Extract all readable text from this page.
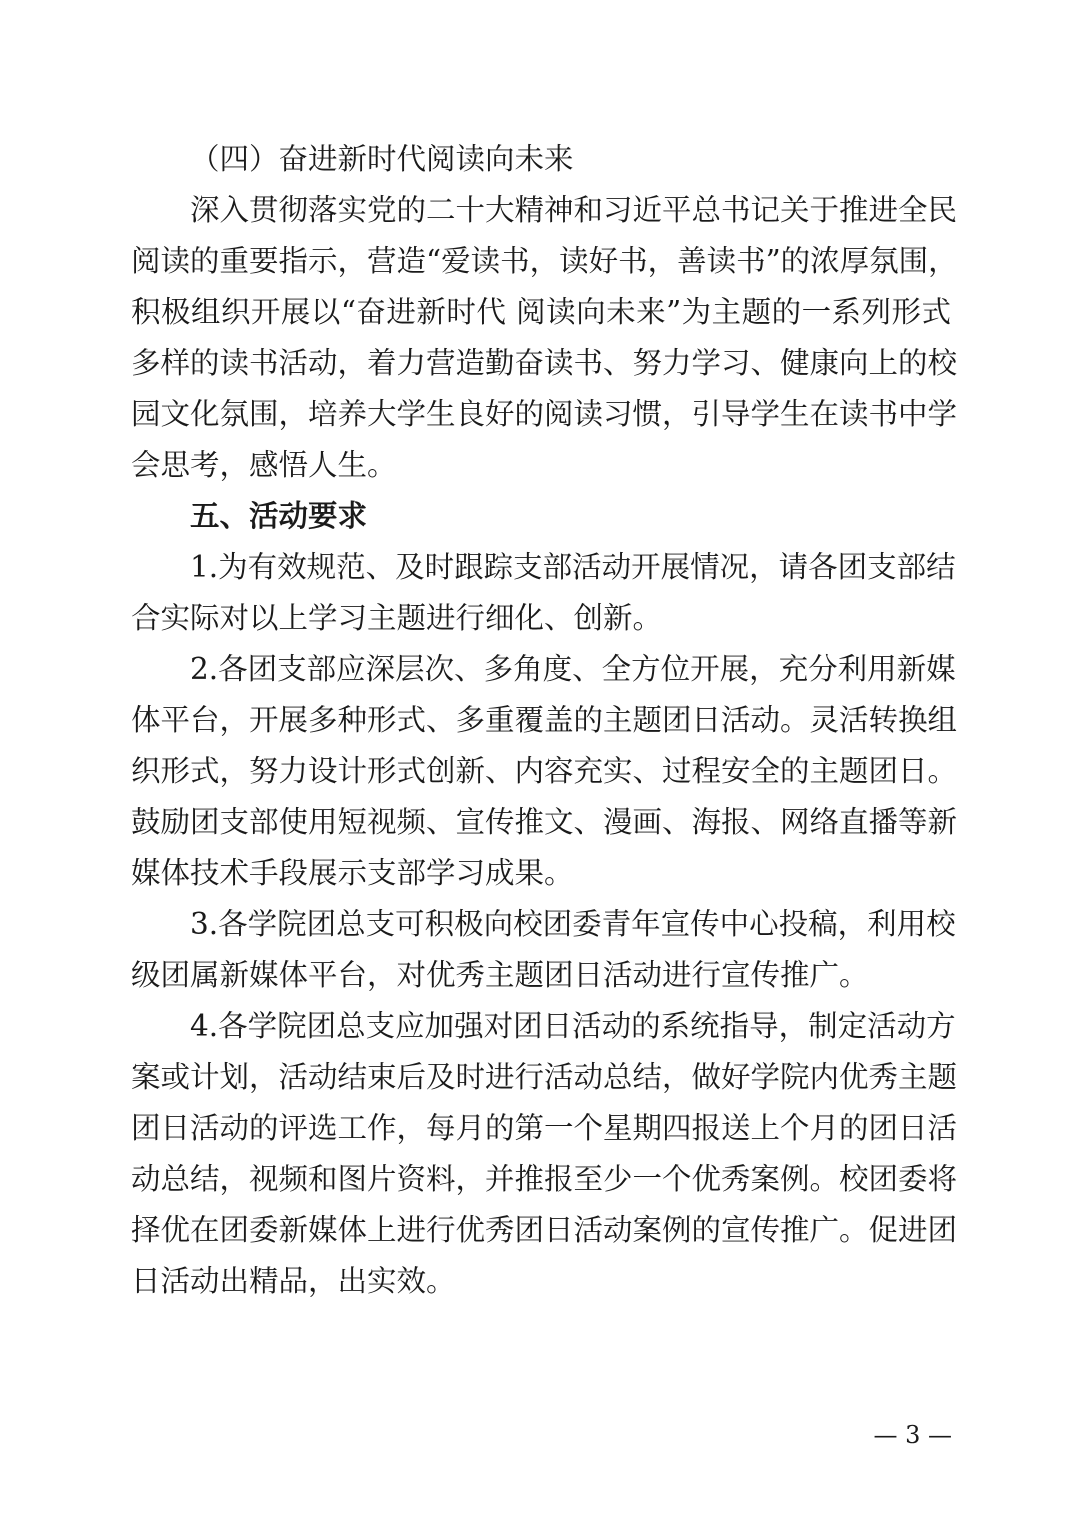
（四）奋进新时代阅读向未来
深入贯彻落实党的二十大精神和习近平总书记关于推进全民
阅读的重要指示，营造“爱读书，读好书，善读书”的浓厚氛围，
积极组织开展以“奋进新时代 阅读向未来”为主题的一系列形式
多样的读书活动，着力营造勤奋读书、努力学习、健康向上的校
园文化氛围，培养大学生良好的阅读习惯，引导学生在读书中学
会思考，感悟人生。
五、活动要求
1.为有效规范、及时跟踪支部活动开展情况，请各团支部结
合实际对以上学习主题进行细化、创新。
2.各团支部应深层次、多角度、全方位开展，充分利用新媒
体平台，开展多种形式、多重覆盖的主题团日活动。灵活转换组
织形式，努力设计形式创新、内容充实、过程安全的主题团日。
鼓励团支部使用短视频、宣传推文、漫画、海报、网络直播等新
媒体技术手段展示支部学习成果。
3.各学院团总支可积极向校团委青年宣传中心投稿，利用校
级团属新媒体平台，对优秀主题团日活动进行宣传推广。
4.各学院团总支应加强对团日活动的系统指导，制定活动方
案或计划，活动结束后及时进行活动总结，做好学院内优秀主题
团日活动的评选工作，每月的第一个星期四报送上个月的团日活
动总结，视频和图片资料，并推报至少一个优秀案例。校团委将
择优在团委新媒体上进行优秀团日活动案例的宣传推广。促进团
日活动出精品，出实效。
— 3 —
